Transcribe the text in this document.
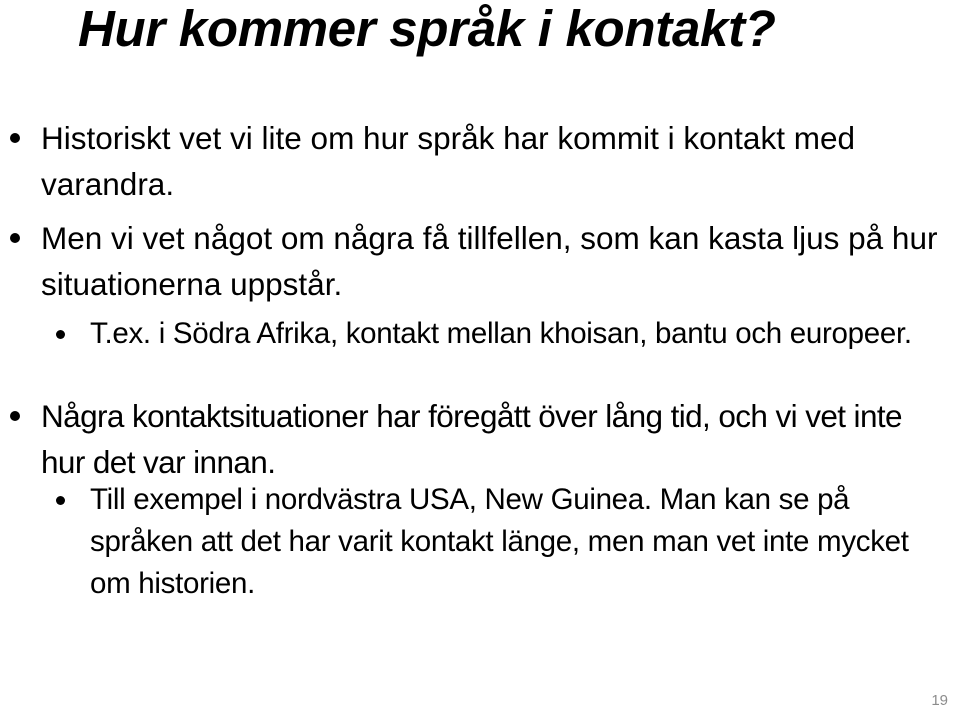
Hur kommer språk i kontakt?
Historiskt vet vi lite om hur språk har kommit i kontakt med varandra.
Men vi vet något om några få tillfellen, som kan kasta ljus på hur situationerna uppstår.
T.ex. i Södra Afrika, kontakt mellan khoisan, bantu och europeer.
Några kontaktsituationer har föregått över lång tid, och vi vet inte hur det var innan.
Till exempel i nordvästra USA, New Guinea. Man kan se på språken att det har varit kontakt länge, men man vet inte mycket om historien.
19
